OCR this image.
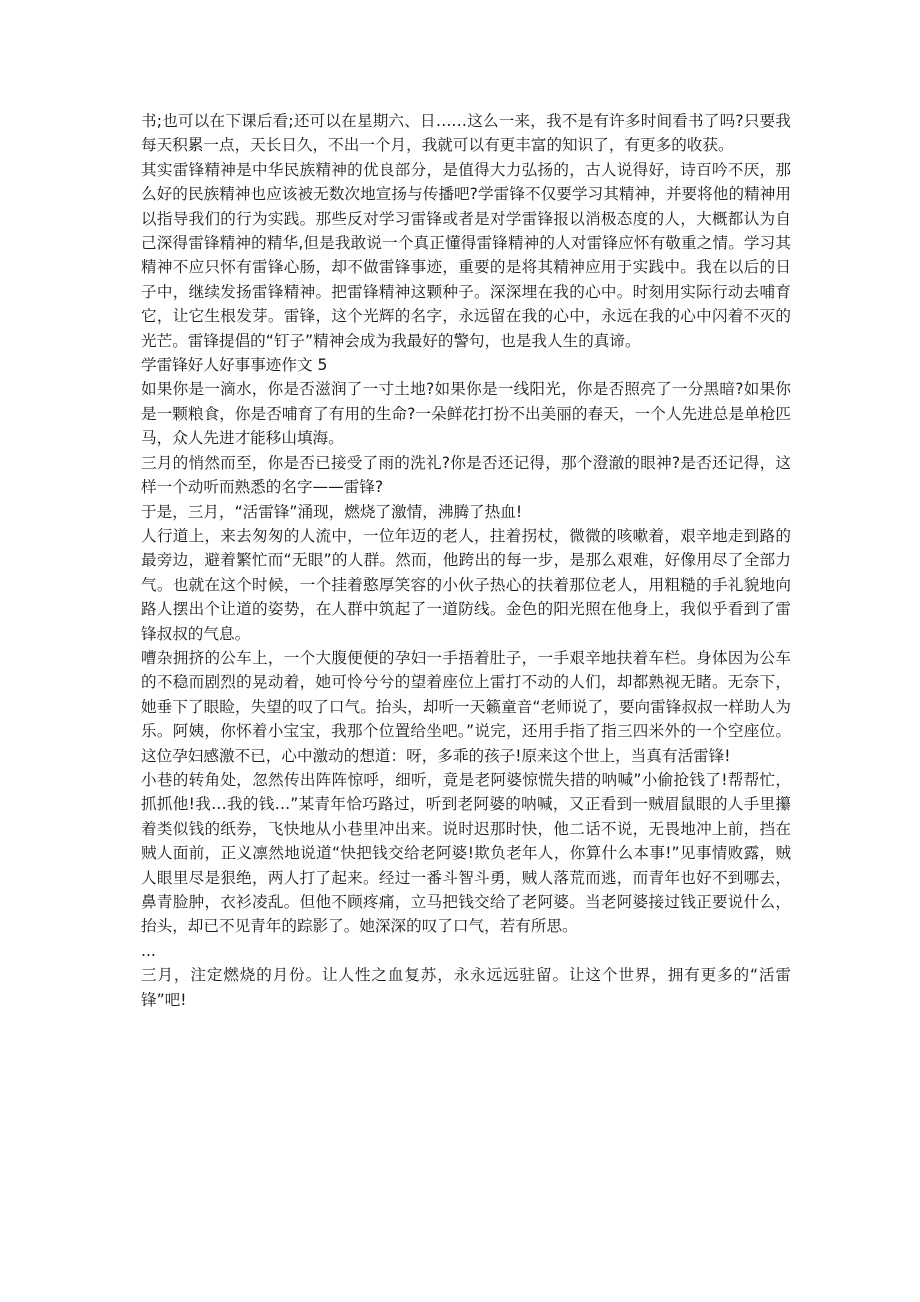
书;也可以在下课后看;还可以在星期六、日……这么一来，我不是有许多时间看书了吗?只要我每天积累一点，天长日久，不出一个月，我就可以有更丰富的知识了，有更多的收获。

其实雷锋精神是中华民族精神的优良部分，是值得大力弘扬的，古人说得好，诗百吟不厌，那么好的民族精神也应该被无数次地宣扬与传播吧?学雷锋不仅要学习其精神，并要将他的精神用以指导我们的行为实践。那些反对学习雷锋或者是对学雷锋报以消极态度的人，大概都认为自己深得雷锋精神的精华,但是我敢说一个真正懂得雷锋精神的人对雷锋应怀有敬重之情。学习其精神不应只怀有雷锋心肠，却不做雷锋事迹，重要的是将其精神应用于实践中。我在以后的日子中，继续发扬雷锋精神。把雷锋精神这颗种子。深深埋在我的心中。时刻用实际行动去哺育它，让它生根发芽。雷锋，这个光辉的名字，永远留在我的心中，永远在我的心中闪着不灭的光芒。雷锋提倡的“钉子”精神会成为我最好的警句，也是我人生的真谛。

学雷锋好人好事事迹作文 5

如果你是一滴水，你是否滋润了一寸土地?如果你是一线阳光，你是否照亮了一分黑暗?如果你是一颗粮食，你是否哺育了有用的生命?一朵鲜花打扮不出美丽的春天，一个人先进总是单枪匹马，众人先进才能移山填海。

三月的悄然而至，你是否已接受了雨的洗礼?你是否还记得，那个澄澈的眼神?是否还记得，这样一个动听而熟悉的名字——雷锋?

于是，三月，“活雷锋”涌现，燃烧了激情，沸腾了热血!

人行道上，来去匆匆的人流中，一位年迈的老人，拄着拐杖，微微的咳嗽着，艰辛地走到路的最旁边，避着繁忙而“无眼”的人群。然而，他跨出的每一步，是那么艰难，好像用尽了全部力气。也就在这个时候，一个挂着憨厚笑容的小伙子热心的扶着那位老人，用粗糙的手礼貌地向路人摆出个让道的姿势，在人群中筑起了一道防线。金色的阳光照在他身上，我似乎看到了雷锋叔叔的气息。

嘈杂拥挤的公车上，一个大腹便便的孕妇一手捂着肚子，一手艰辛地扶着车栏。身体因为公车的不稳而剧烈的晃动着，她可怜兮兮的望着座位上雷打不动的人们，却都熟视无睹。无奈下，她垂下了眼睑，失望的叹了口气。抬头，却听一天籁童音“老师说了，要向雷锋叔叔一样助人为乐。阿姨，你怀着小宝宝，我那个位置给坐吧。”说完，还用手指了指三四米外的一个空座位。这位孕妇感激不已，心中激动的想道：呀，多乖的孩子!原来这个世上，当真有活雷锋!

小巷的转角处，忽然传出阵阵惊呼，细听，竟是老阿婆惊慌失措的呐喊”小偷抢钱了!帮帮忙，抓抓他!我…我的钱…”某青年恰巧路过，听到老阿婆的呐喊，又正看到一贼眉鼠眼的人手里攥着类似钱的纸券，飞快地从小巷里冲出来。说时迟那时快，他二话不说，无畏地冲上前，挡在贼人面前，正义凛然地说道“快把钱交给老阿婆!欺负老年人，你算什么本事!”见事情败露，贼人眼里尽是狠绝，两人打了起来。经过一番斗智斗勇，贼人落荒而逃，而青年也好不到哪去，鼻青脸肿，衣衫凌乱。但他不顾疼痛，立马把钱交给了老阿婆。当老阿婆接过钱正要说什么，抬头，却已不见青年的踪影了。她深深的叹了口气，若有所思。

...

三月，注定燃烧的月份。让人性之血复苏，永永远远驻留。让这个世界，拥有更多的“活雷锋”吧!
